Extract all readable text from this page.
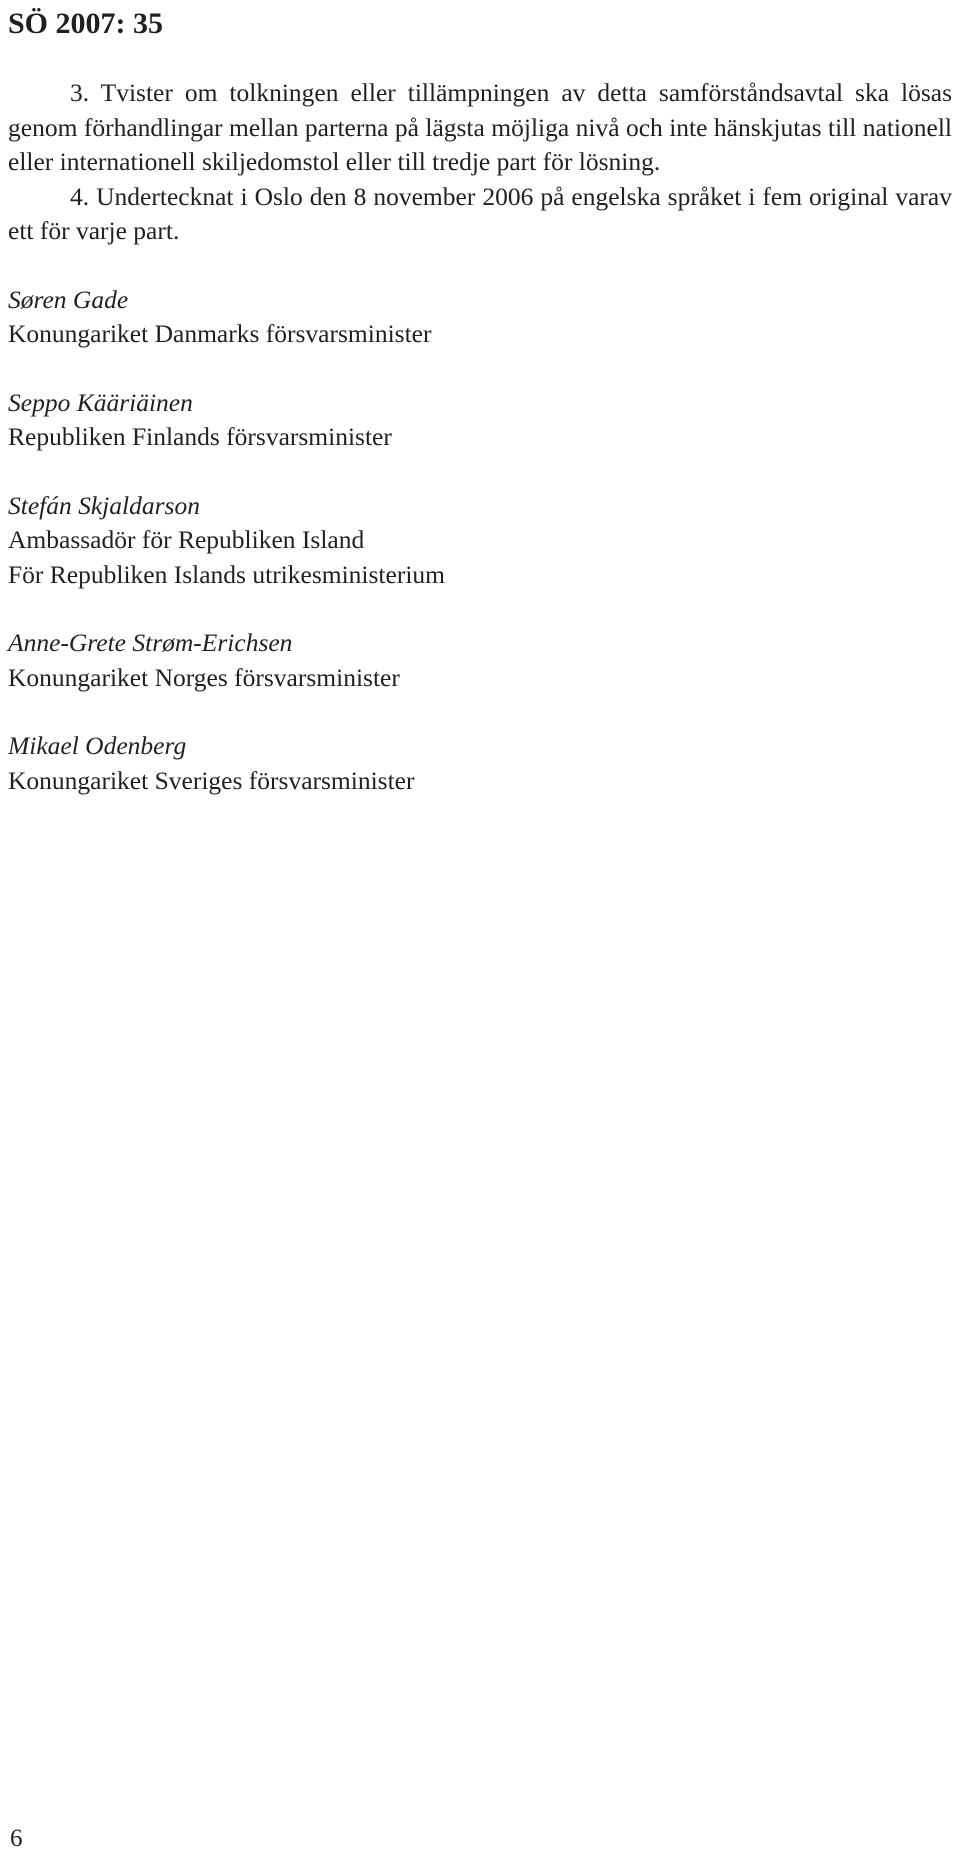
SÖ 2007: 35

3. Tvister om tolkningen eller tillämpningen av detta samförståndsavtal ska lösas genom förhandlingar mellan parterna på lägsta möjliga nivå och inte hänskjutas till nationell eller internationell skiljedomstol eller till tredje part för lösning.

4. Undertecknat i Oslo den 8 november 2006 på engelska språket i fem original varav ett för varje part.

Søren Gade

Konungariket Danmarks försvarsminister

Seppo Kääriäinen

Republiken Finlands försvarsminister

Stefán Skjaldarson

Ambassadör för Republiken Island

För Republiken Islands utrikesministerium

Anne-Grete Strøm-Erichsen

Konungariket Norges försvarsminister

Mikael Odenberg

Konungariket Sveriges försvarsminister

6
